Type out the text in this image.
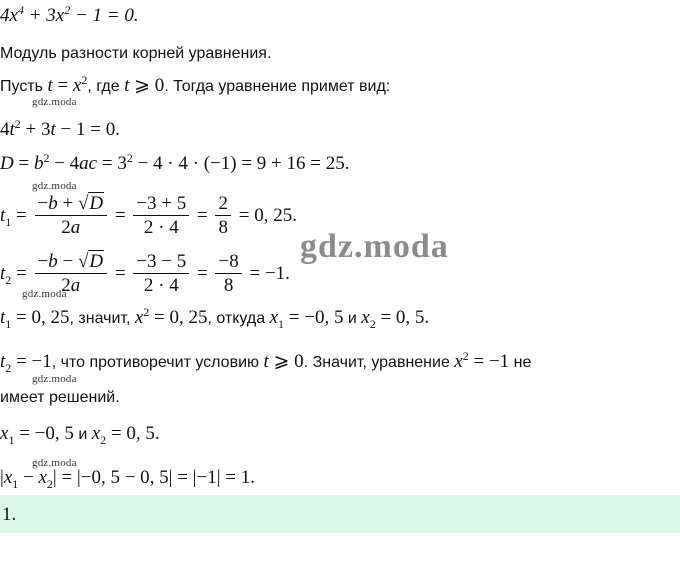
$4x^4 + 3x^2 - 1 = 0$.
Модуль разности корней уравнения.
Пусть $t = x^2$, где t ⩾ 0. Тогда уравнение примет вид:
gdz.moda
$4t^2 + 3t - 1 = 0$.
$D = b^2 - 4ac = 3^2 - 4 \cdot 4 \cdot (-1) = 9 + 16 = 25$.
gdz.moda
$t_1 = \frac{-b + √D}{2a} = \frac{-3 + 5}{2 \cdot 4} = \frac{2}{8} = 0$, 25.
$t_2 = \frac{-b - √D}{2a} = \frac{-3 - 5}{2 \cdot 4} = \frac{-8}{8} = -1$.
gdz.moda
gdz.moda
$t_1 = 0$, 25, значит, $x^2 = 0$, 25, откуда $x_1 = -0$, 5 и $x_2 = 0$, 5.
$t_2 = -1$, что противоречит условию t ⩾ 0. Значит, уравнение $x^2 = -1$ не
gdz.moda
имеет решений.
$x_1 = -0$, 5 и $x_2 = 0$, 5.
gdz.moda
$|x_1 - x_2| = |-0$, 5 − 0, 5| = |−1| = 1.
1.
